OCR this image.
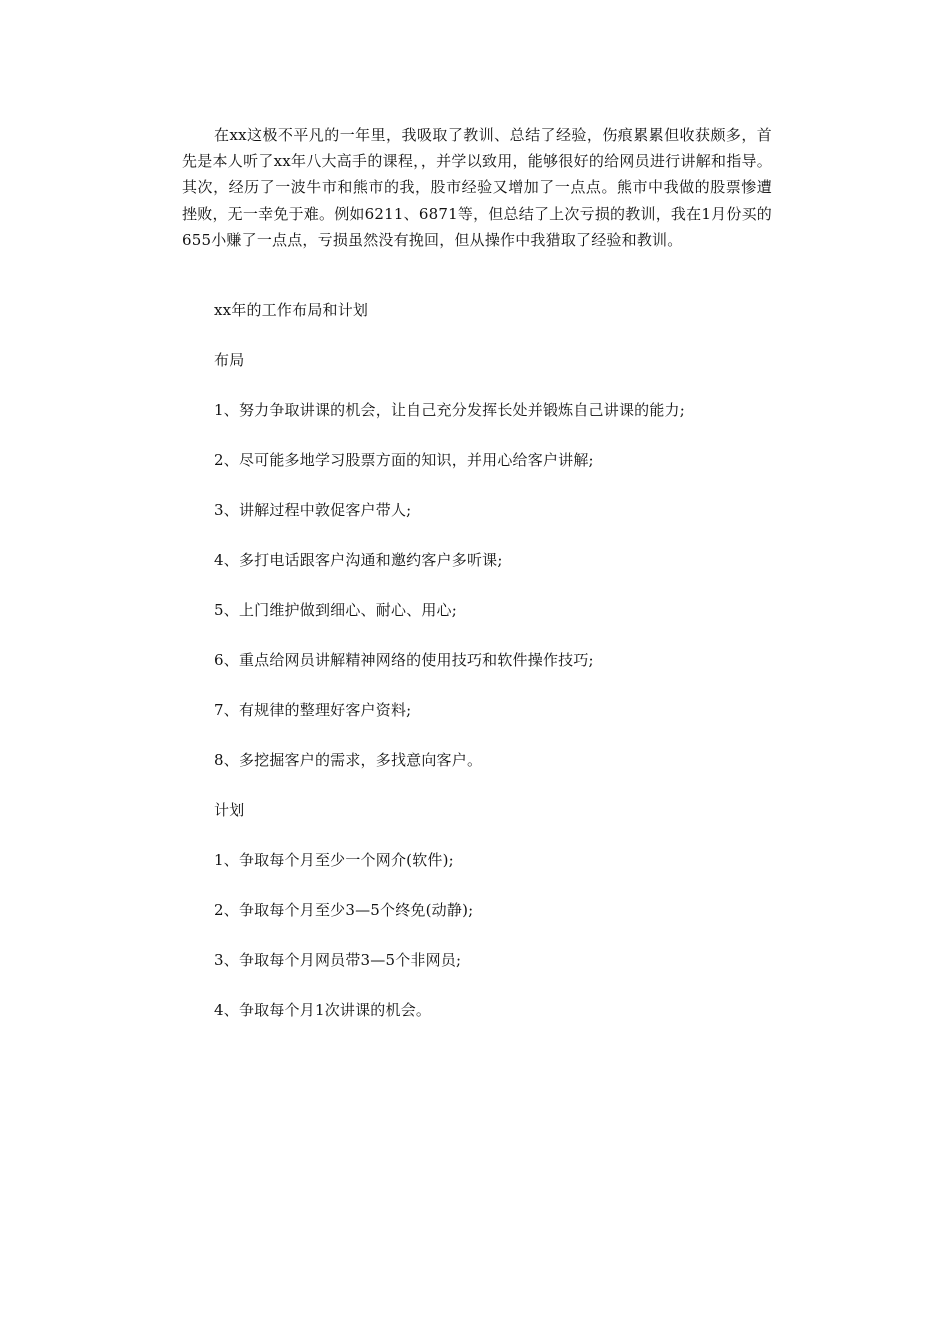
在xx这极不平凡的一年里，我吸取了教训、总结了经验，伤痕累累但收获颇多，首先是本人听了xx年八大高手的课程，，并学以致用，能够很好的给网员进行讲解和指导。其次，经历了一波牛市和熊市的我，股市经验又增加了一点点。熊市中我做的股票惨遭挫败，无一幸免于难。例如6211、6871等，但总结了上次亏损的教训，我在1月份买的655小赚了一点点，亏损虽然没有挽回，但从操作中我猎取了经验和教训。

xx年的工作布局和计划

布局

1、努力争取讲课的机会，让自己充分发挥长处并锻炼自己讲课的能力;

2、尽可能多地学习股票方面的知识，并用心给客户讲解;

3、讲解过程中敦促客户带人;

4、多打电话跟客户沟通和邀约客户多听课;

5、上门维护做到细心、耐心、用心;

6、重点给网员讲解精神网络的使用技巧和软件操作技巧;

7、有规律的整理好客户资料;

8、多挖掘客户的需求，多找意向客户。

计划

1、争取每个月至少一个网介(软件);

2、争取每个月至少3—5个终免(动静);

3、争取每个月网员带3—5个非网员;

4、争取每个月1次讲课的机会。
